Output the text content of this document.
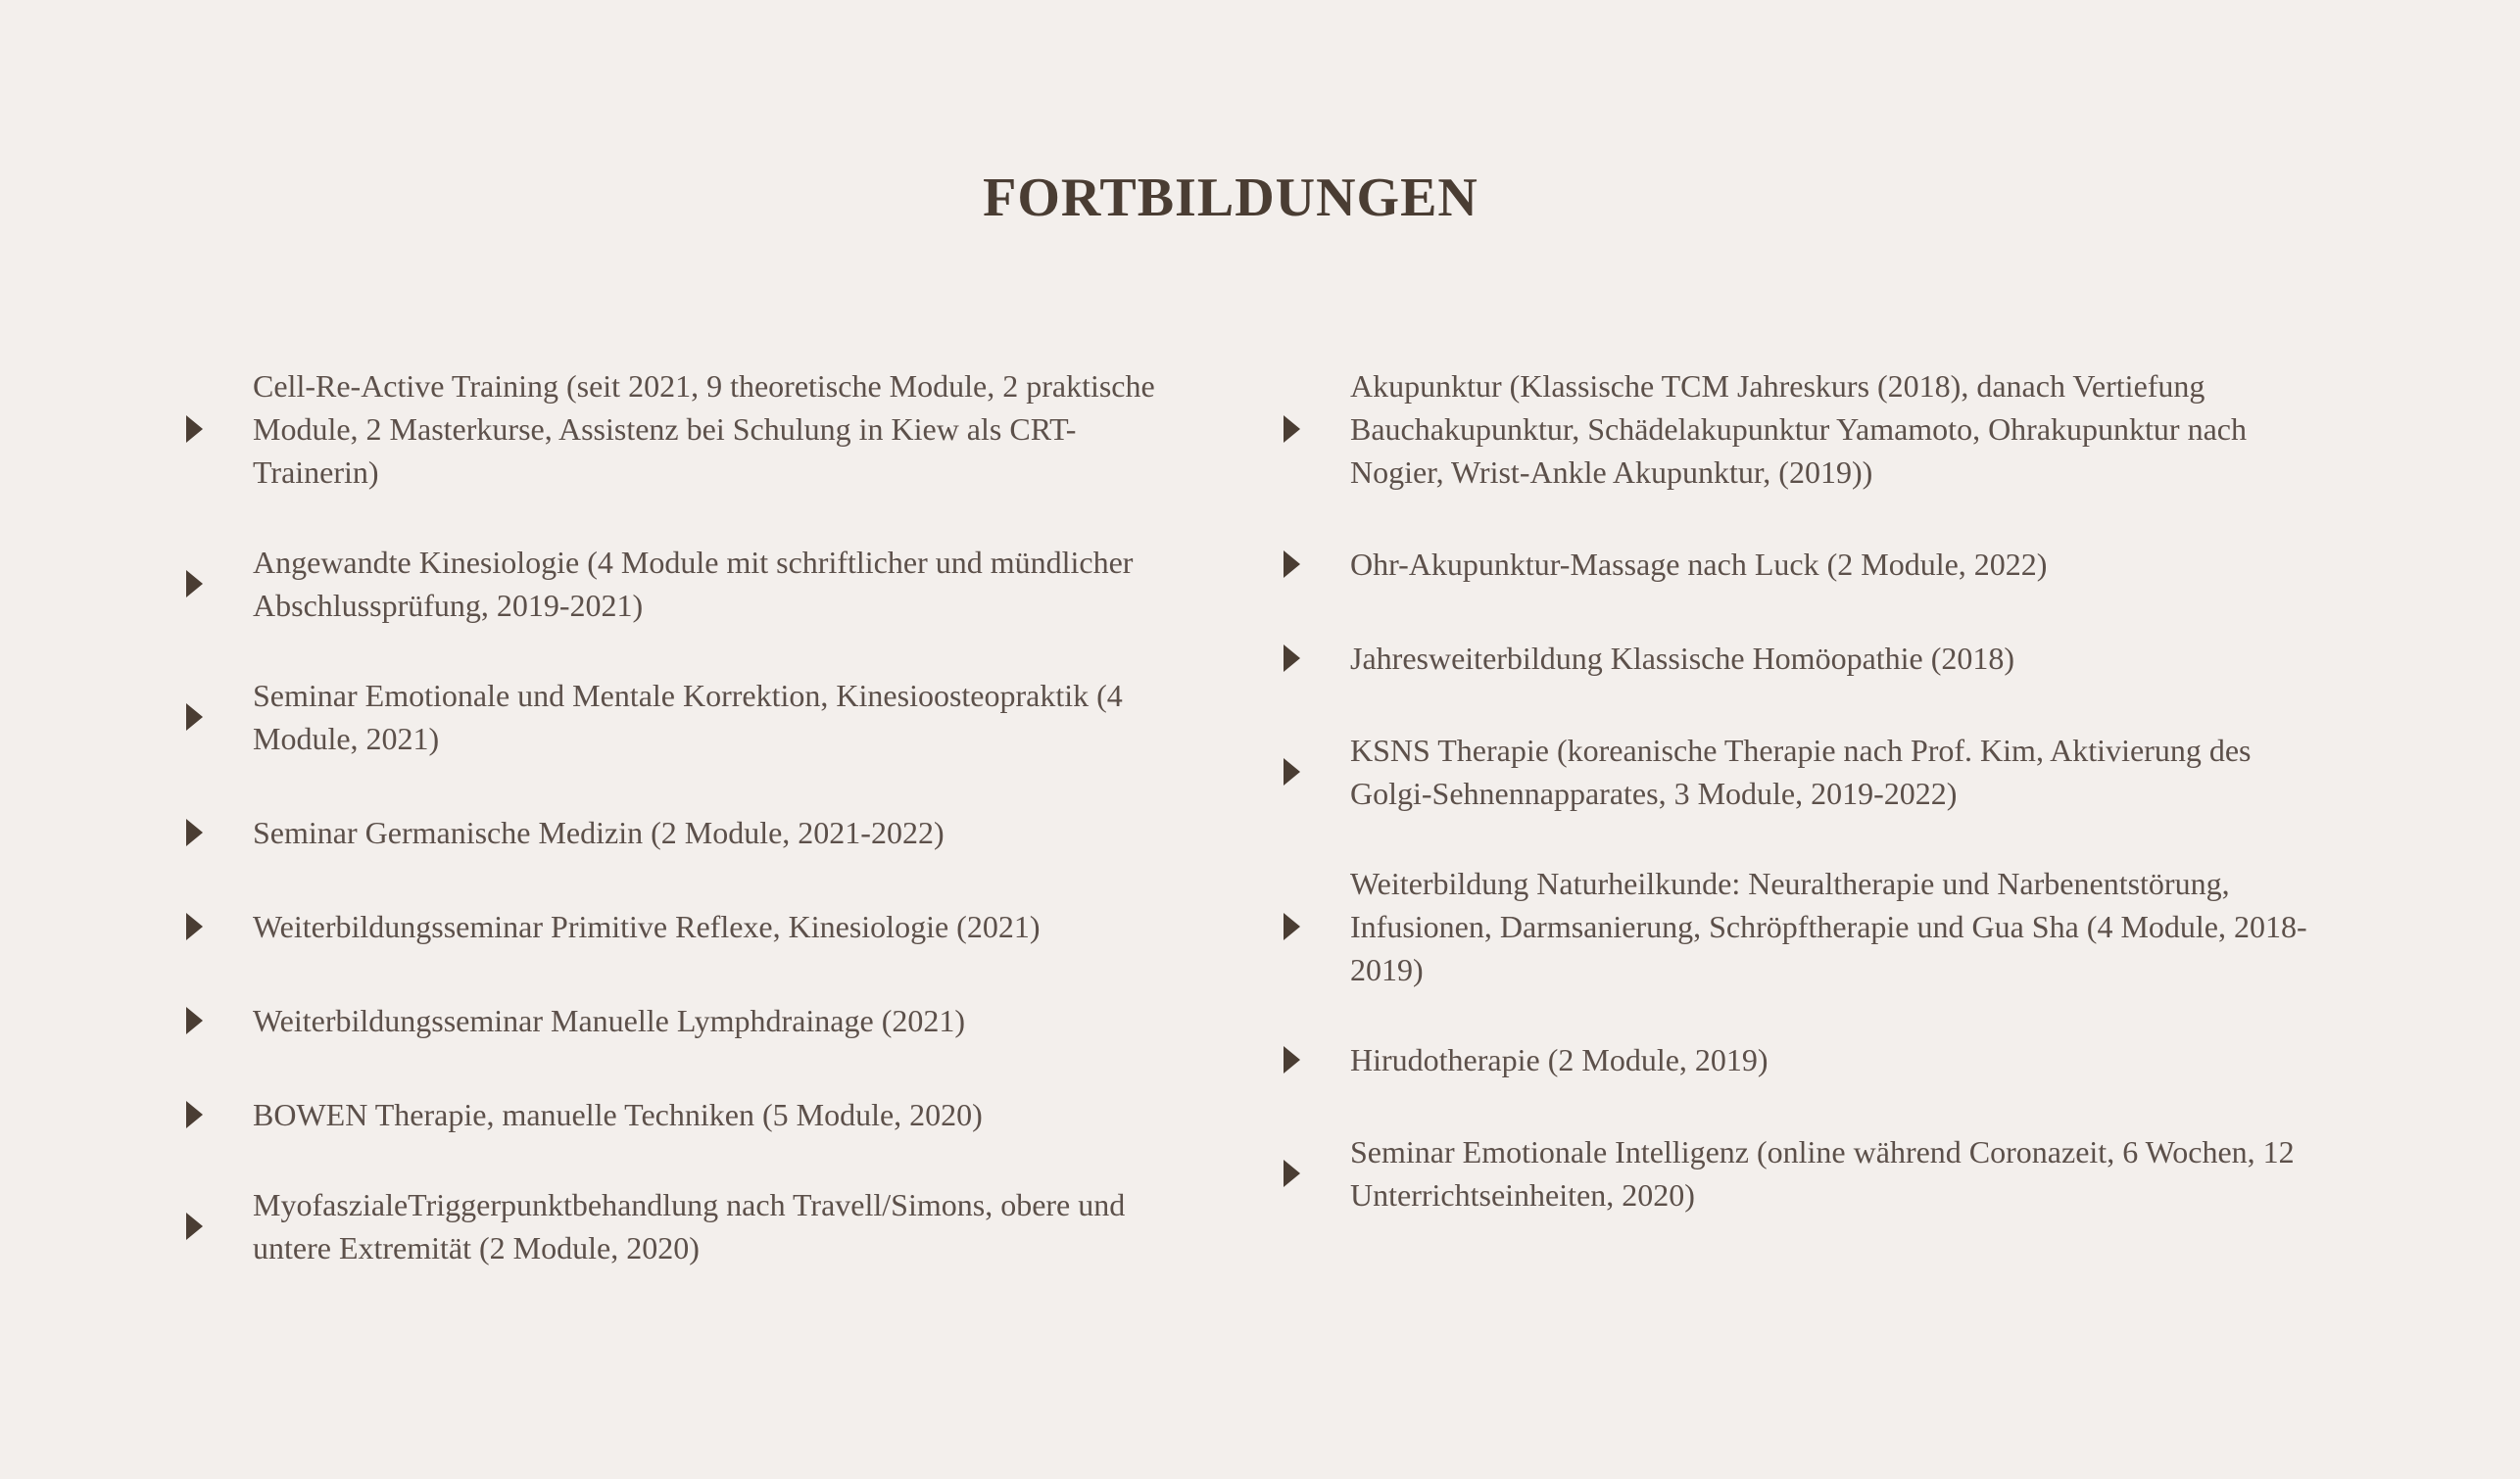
FORTBILDUNGEN
Cell-Re-Active Training (seit 2021, 9 theoretische Module, 2 praktische Module, 2 Masterkurse, Assistenz bei Schulung in Kiew als CRT-Trainerin)
Angewandte Kinesiologie (4 Module mit schriftlicher und mündlicher Abschlussprüfung, 2019-2021)
Seminar Emotionale und Mentale Korrektion, Kinesioosteopraktik (4 Module, 2021)
Seminar Germanische Medizin (2 Module, 2021-2022)
Weiterbildungsseminar Primitive Reflexe, Kinesiologie (2021)
Weiterbildungsseminar Manuelle Lymphdrainage (2021)
BOWEN Therapie, manuelle Techniken (5 Module, 2020)
MyofaszialeTriggerpunktbehandlung nach Travell/Simons, obere und untere Extremität (2 Module, 2020)
Akupunktur (Klassische TCM Jahreskurs (2018), danach Vertiefung Bauchakupunktur, Schädelakupunktur Yamamoto, Ohrakupunktur nach Nogier, Wrist-Ankle Akupunktur, (2019))
Ohr-Akupunktur-Massage nach Luck (2 Module, 2022)
Jahresweiterbildung Klassische Homöopathie (2018)
KSNS Therapie (koreanische Therapie nach Prof. Kim, Aktivierung des Golgi-Sehnennapparates, 3 Module, 2019-2022)
Weiterbildung Naturheilkunde: Neuraltherapie und Narbenentstörung, Infusionen, Darmsanierung, Schröpftherapie und Gua Sha (4 Module, 2018-2019)
Hirudotherapie (2 Module, 2019)
Seminar Emotionale Intelligenz (online während Coronazeit, 6 Wochen, 12 Unterrichtseinheiten, 2020)
